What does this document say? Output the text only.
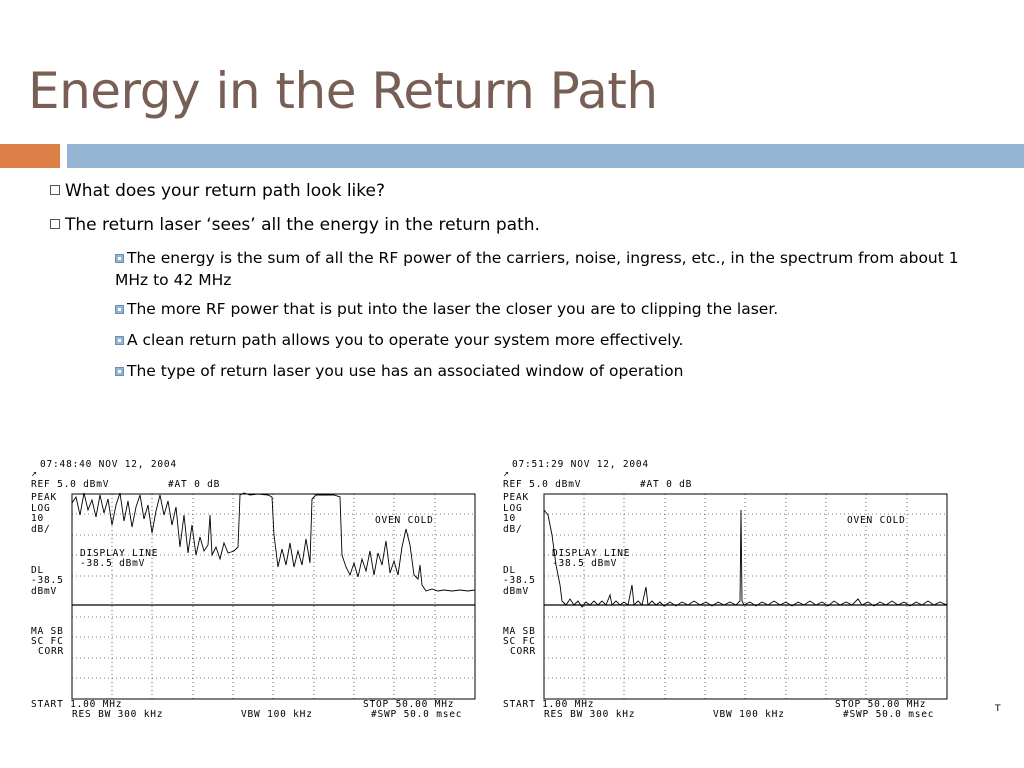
Energy in the Return Path
What does your return path look like?
The return laser ‘sees’ all the energy in the return path.
The energy is the sum of all the RF power of the carriers, noise, ingress, etc., in the spectrum from about 1 MHz to 42 MHz
The more RF power that is put into the laser the closer you are to clipping the laser.
A clean return path allows you to operate your system more effectively.
The type of return laser you use has an associated window of operation
07:48:40 NOV 12, 2004
↗
REF 5.0 dBmV	#AT 0 dB
PEAK
LOG
10
dB/
DL
-38.5
dBmV
MA SB
SC FC
CORR
OVEN COLD
DISPLAY LINE
-38.5 dBmV
START 1.00 MHz	STOP 50.00 MHz
RES BW 300 kHz	VBW 100 kHz	#SWP 50.0 msec
07:51:29 NOV 12, 2004
↗
REF 5.0 dBmV	#AT 0 dB
PEAK
LOG
10
dB/
DL
-38.5
dBmV
MA SB
SC FC
CORR
OVEN COLD
DISPLAY LINE
-38.5 dBmV
START 1.00 MHz	STOP 50.00 MHz
RES BW 300 kHz	VBW 100 kHz	#SWP 50.0 msec	T
